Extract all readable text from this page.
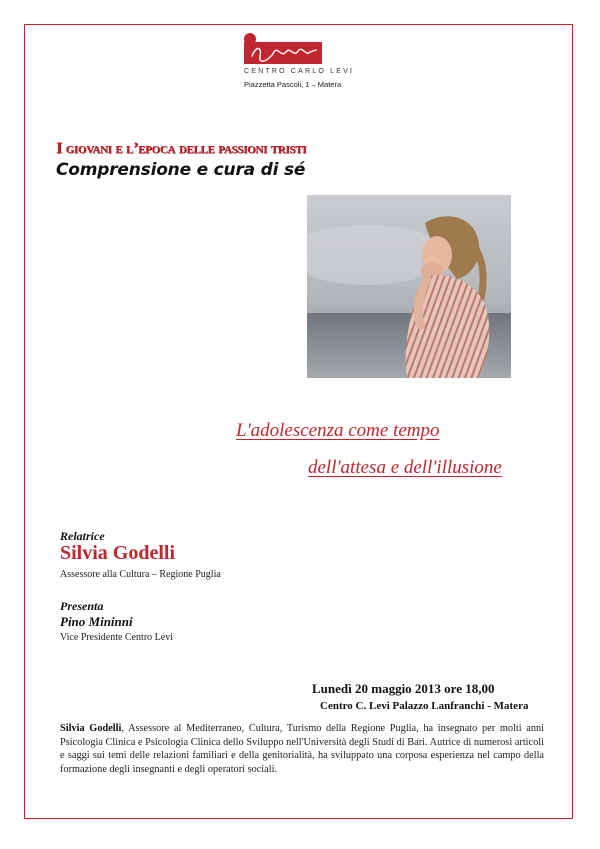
CENTRO CARLO LEVI
Piazzetta Pascoli, 1 – Matera
I giovani e l’epoca delle passioni tristi
Comprensione e cura di sé
L'adolescenza come tempo
dell'attesa e dell'illusione
Relatrice
Silvia Godelli
Assessore alla Cultura – Regione Puglia
Presenta
Pino Mininni
Vice Presidente Centro Levi
Lunedì 20 maggio 2013 ore 18,00
Centro C. Levi Palazzo Lanfranchi - Matera

Silvia Godelli, Assessore al Mediterraneo, Cultura, Turismo della Regione Puglia, ha insegnato per molti anni Psicologia Clinica e Psicologia Clinica dello Sviluppo nell'Università degli Studi di Bari. Autrice di numerosi articoli e saggi sui temi delle relazioni familiari e della genitorialità, ha sviluppato una corposa esperienza nel campo della formazione degli insegnanti e degli operatori sociali.
